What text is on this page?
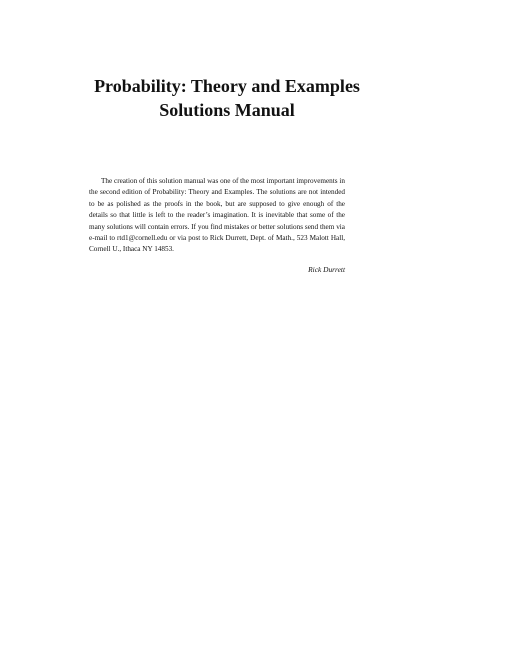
Probability: Theory and Examples
Solutions Manual

The creation of this solution manual was one of the most important improvements in the second edition of Probability: Theory and Examples. The solutions are not intended to be as polished as the proofs in the book, but are supposed to give enough of the details so that little is left to the reader’s imagination. It is inevitable that some of the many solutions will contain errors. If you find mistakes or better solutions send them via e-mail to rtd1@cornell.edu or via post to Rick Durrett, Dept. of Math., 523 Malott Hall, Cornell U., Ithaca NY 14853.

Rick Durrett
